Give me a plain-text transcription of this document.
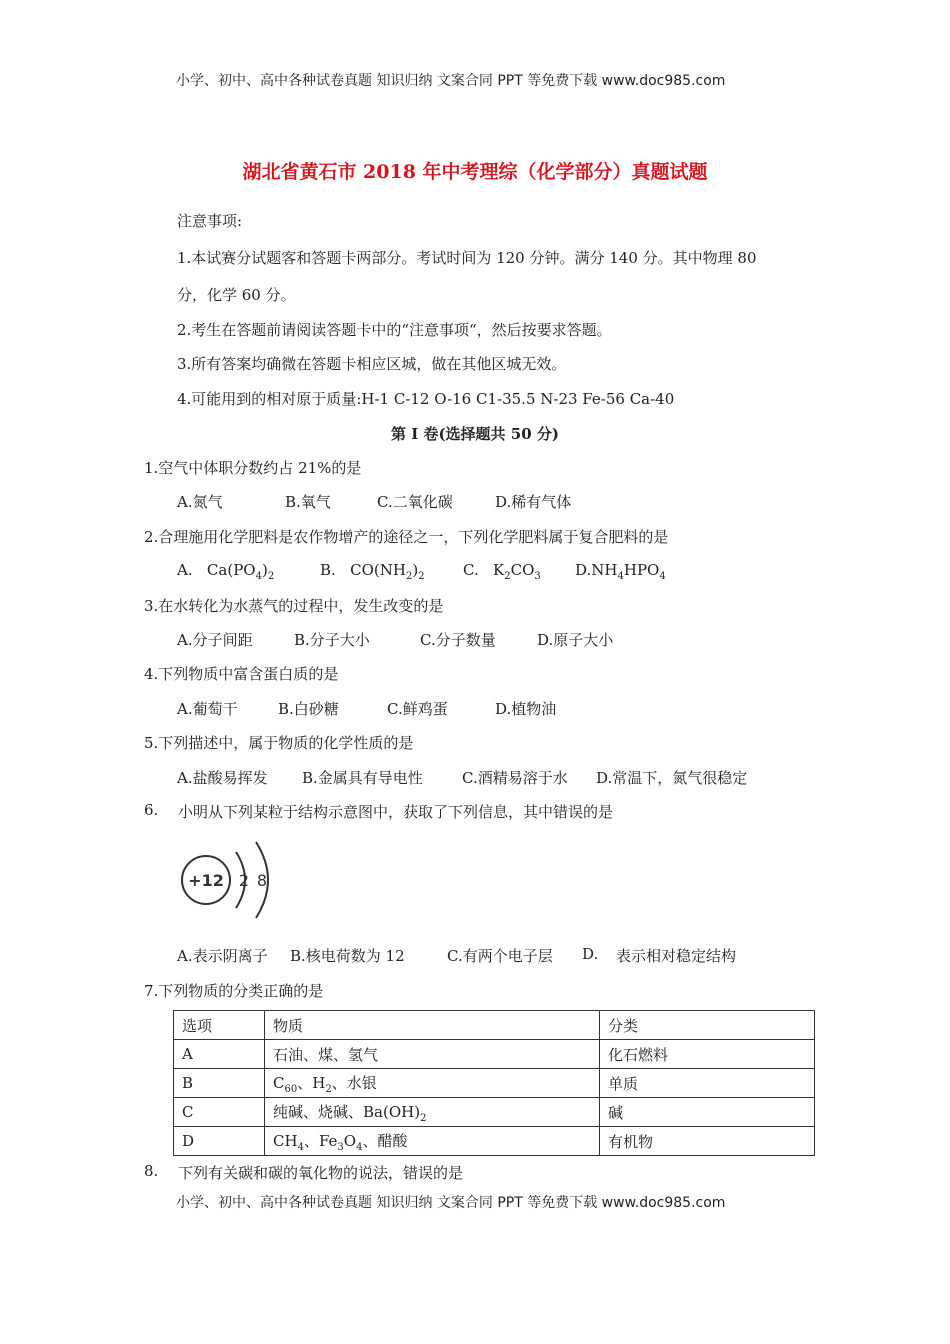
小学、初中、高中各种试卷真题 知识归纳 文案合同 PPT 等免费下载 www.doc985.com
湖北省黄石市 2018 年中考理综（化学部分）真题试题
注意事项:
1.本试赛分试题客和答题卡两部分。考试时间为 120 分钟。满分 140 分。其中物理 80
分，化学 60 分。
2.考生在答题前请阅读答题卡中的“注意事项“，然后按要求答题。
3.所有答案均确微在答题卡相应区城，做在其他区城无效。
4.可能用到的相对原于质量:H-1 C-12 O-16 C1-35.5 N-23 Fe-56 Ca-40
第 I 卷(选择题共 50 分)
1.空气中体职分数约占 21%的是
A.氮气	B.氧气	C.二氧化碳	D.稀有气体
2.合理施用化学肥料是农作物增产的途径之一，下列化学肥料属于复合肥料的是
A. $Ca(PO_4)_2$	B. $CO(NH_2)_2$	C. $K_2CO_3$ $D.NH_4HPO_4$
3.在水转化为水蒸气的过程中，发生改变的是
A.分子间距	B.分子大小	C.分子数量	D.原子大小
4.下列物质中富含蛋白质的是
A.葡萄干	B.白砂糖	C.鲜鸡蛋	D.植物油
5.下列描述中，属于物质的化学性质的是
A.盐酸易挥发 B.金属具有导电性	C.酒精易溶于水 D.常温下，氮气很稳定
6. 小明从下列某粒于结构示意图中，获取了下列信息，其中错误的是
+12 2 8
A.表示阴离子 B.核电荷数为 12	C.有两个电子层 D. 表示相对稳定结构
7.下列物质的分类正确的是
选项	物质	分类
A	石油、煤、氢气	化石燃料
B	$C_{60}$、$H_2$、水银	单质
C	纯碱、烧碱、$Ba(OH)_2$	碱
D	$CH_4$、$Fe_3O_4$、醋酸	有机物
8. 下列有关碳和碳的氧化物的说法，错误的是
小学、初中、高中各种试卷真题 知识归纳 文案合同 PPT 等免费下载 www.doc985.com
